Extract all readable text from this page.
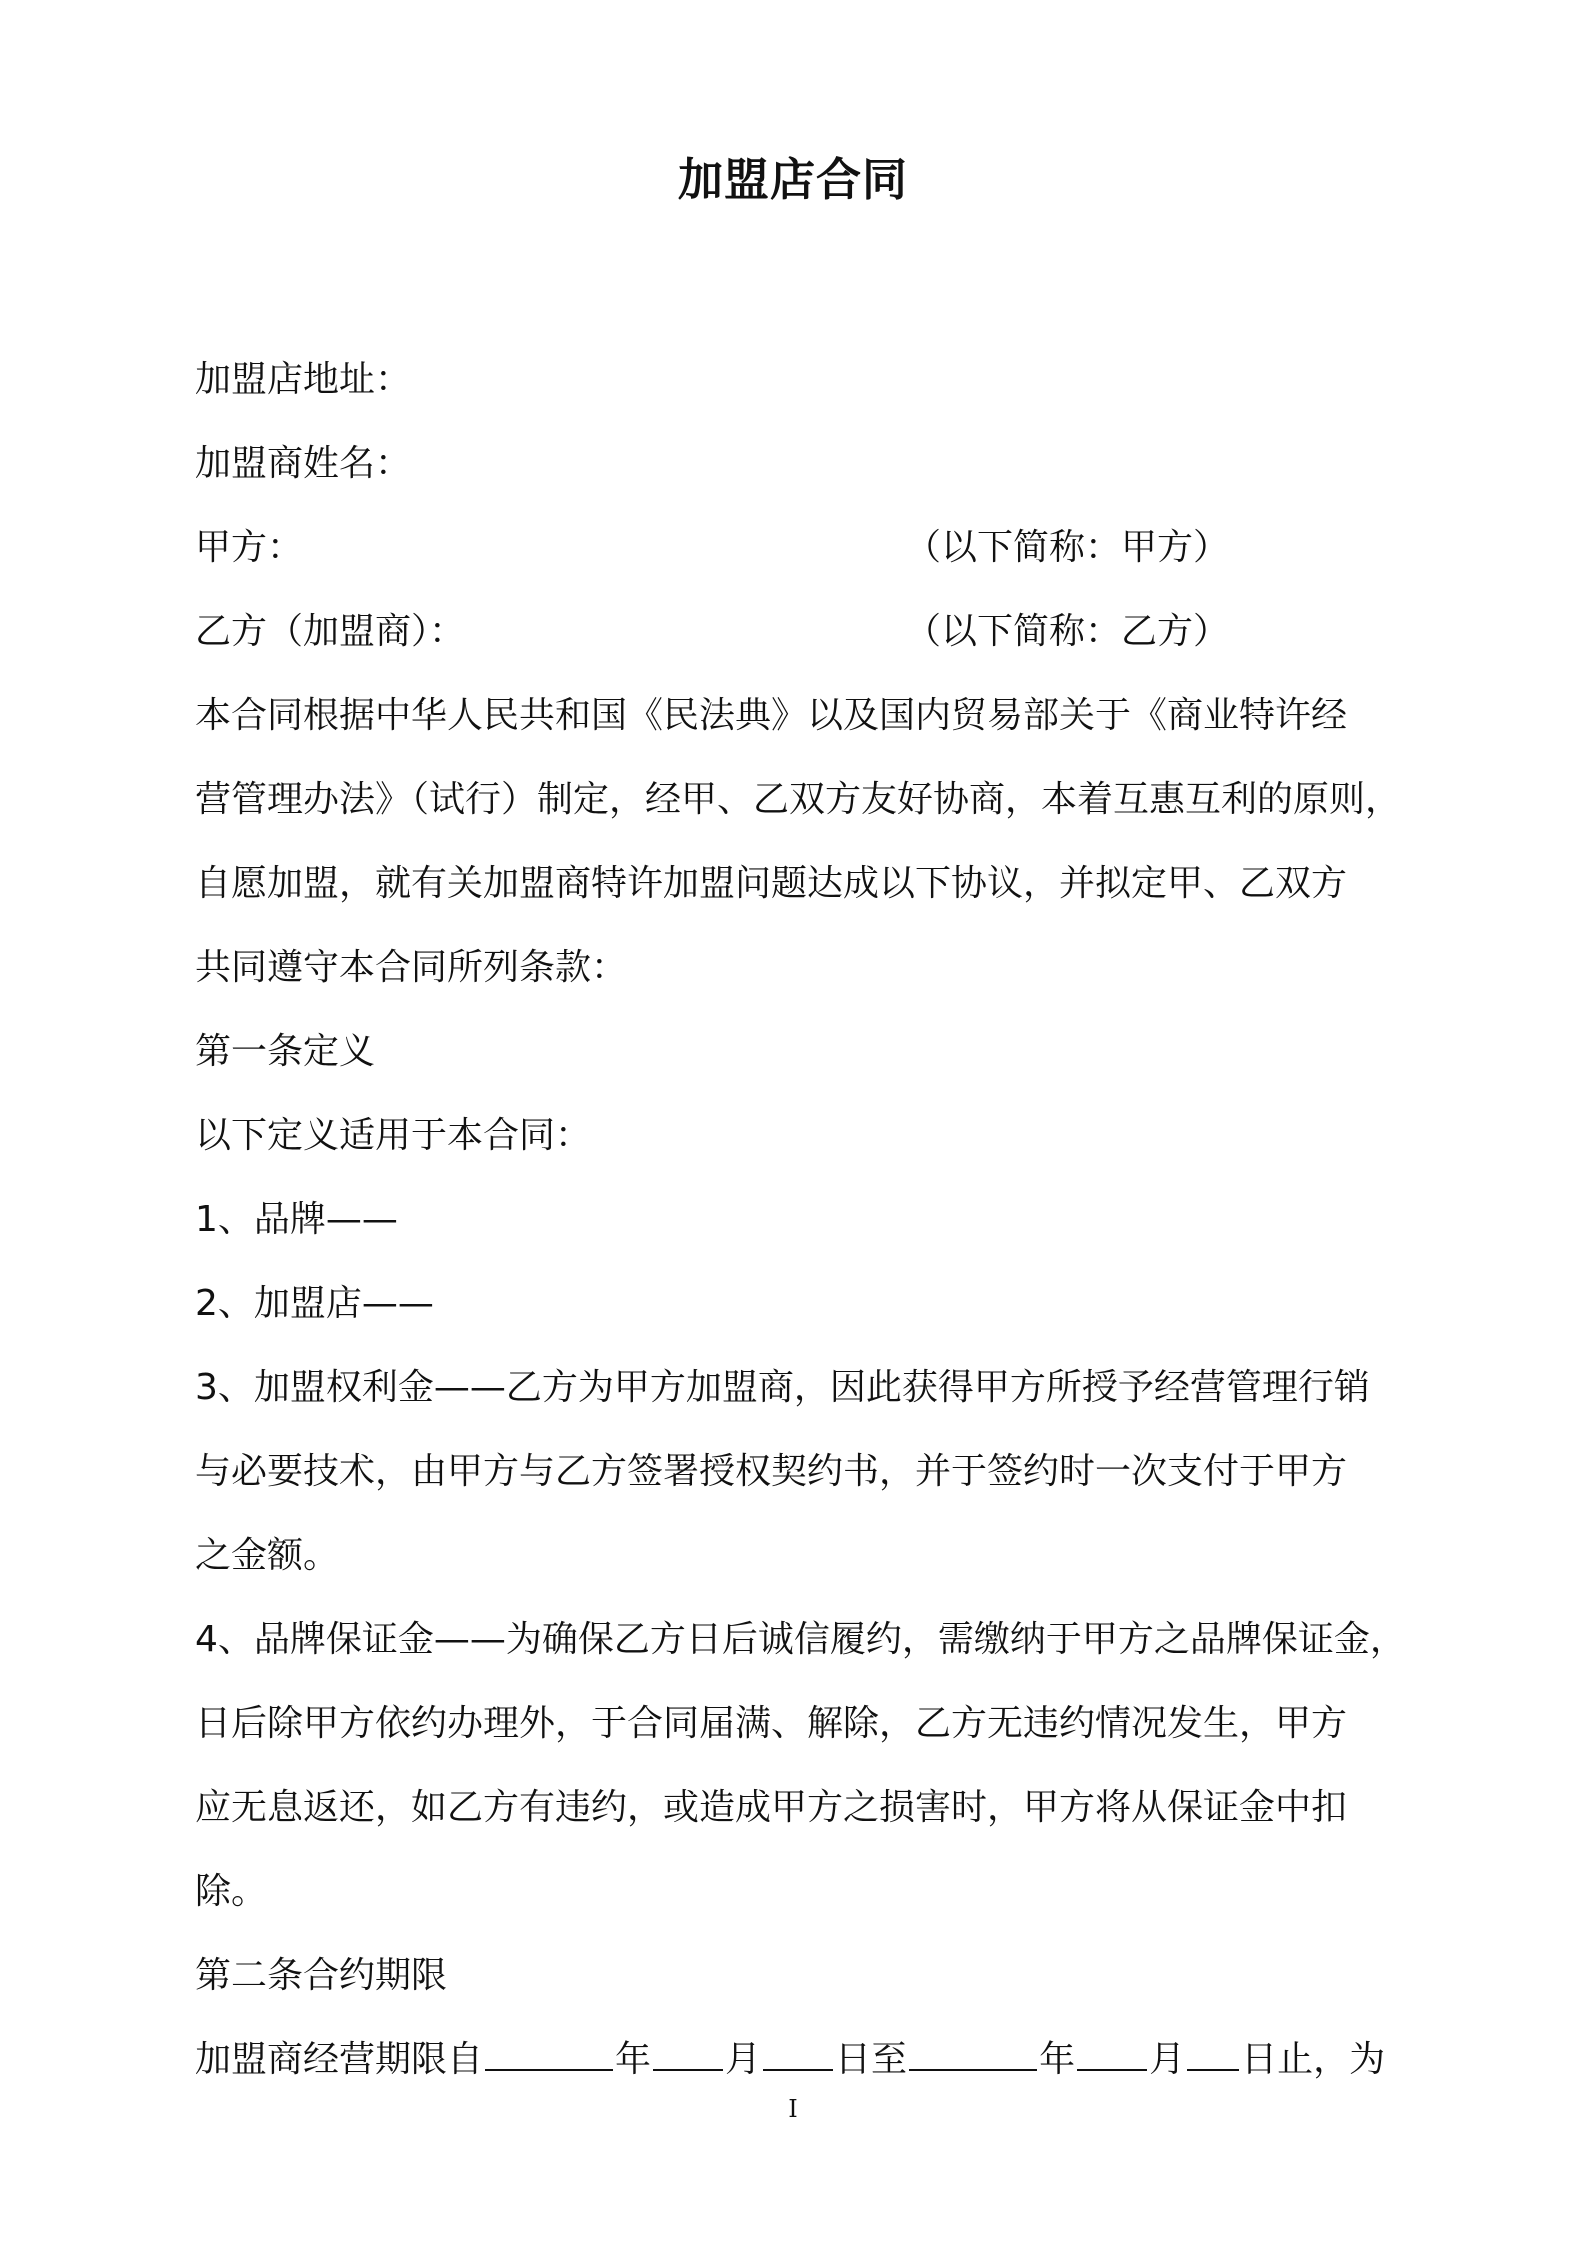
加盟店合同
加盟店地址：
加盟商姓名：
甲方：	（以下简称：甲方）
乙方（加盟商）：	（以下简称：乙方）
本合同根据中华人民共和国《民法典》以及国内贸易部关于《商业特许经
营管理办法》（试行）制定，经甲、乙双方友好协商，本着互惠互利的原则，
自愿加盟，就有关加盟商特许加盟问题达成以下协议，并拟定甲、乙双方
共同遵守本合同所列条款：
第一条定义
以下定义适用于本合同：
1、品牌——
2、加盟店——
3、加盟权利金——乙方为甲方加盟商，因此获得甲方所授予经营管理行销
与必要技术，由甲方与乙方签署授权契约书，并于签约时一次支付于甲方
之金额。
4、品牌保证金——为确保乙方日后诚信履约，需缴纳于甲方之品牌保证金，
日后除甲方依约办理外，于合同届满、解除，乙方无违约情况发生，甲方
应无息返还，如乙方有违约，或造成甲方之损害时，甲方将从保证金中扣
除。
第二条合约期限
加盟商经营期限自	年 月 日至	年 月 日止，为
I
